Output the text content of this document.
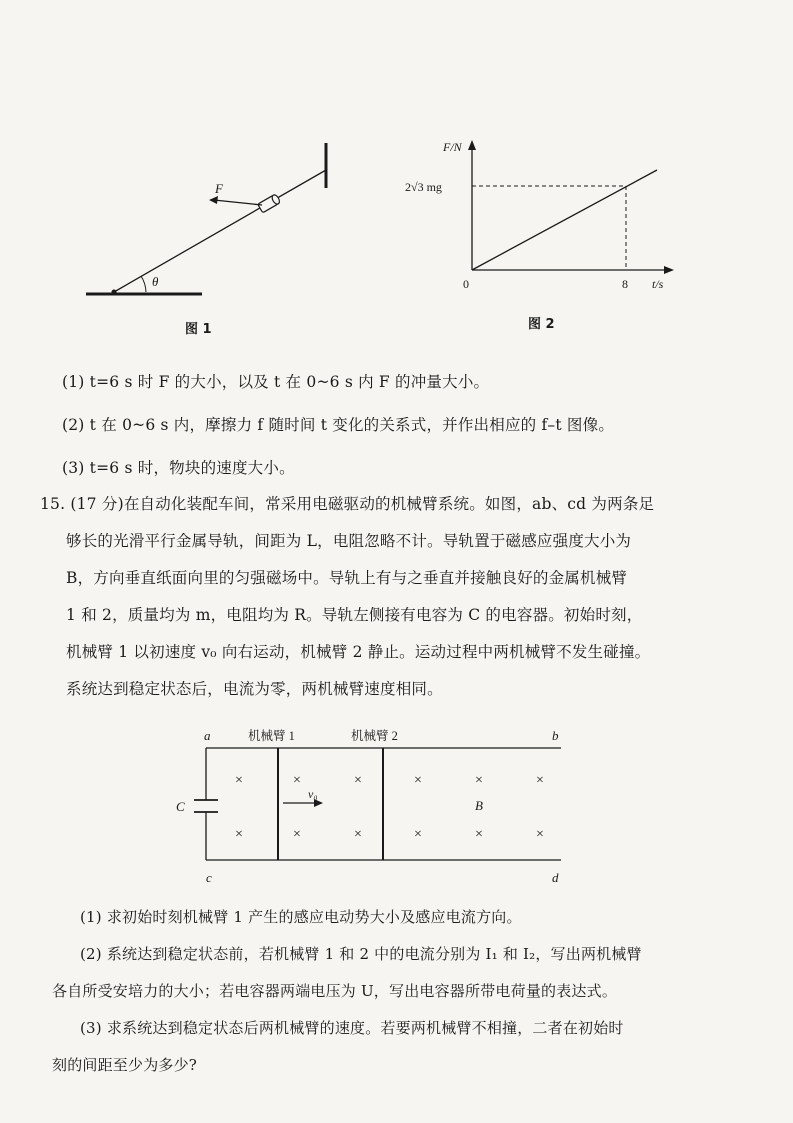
θ
F
F/N
t/s
0	8
2√3 mg
图 1	图 2
(1) t=6 s 时 F 的大小，以及 t 在 0~6 s 内 F 的冲量大小。
(2) t 在 0~6 s 内，摩擦力 f 随时间 t 变化的关系式，并作出相应的 f–t 图像。
(3) t=6 s 时，物块的速度大小。
15. (17 分)在自动化装配车间，常采用电磁驱动的机械臂系统。如图，ab、cd 为两条足
够长的光滑平行金属导轨，间距为 L，电阻忽略不计。导轨置于磁感应强度大小为
B，方向垂直纸面向里的匀强磁场中。导轨上有与之垂直并接触良好的金属机械臂
1 和 2，质量均为 m，电阻均为 R。导轨左侧接有电容为 C 的电容器。初始时刻，
机械臂 1 以初速度 v₀ 向右运动，机械臂 2 静止。运动过程中两机械臂不发生碰撞。
系统达到稳定状态后，电流为零，两机械臂速度相同。
C
a	b
c	d
机械臂 1	机械臂 2
v₀
B
×
×
×
×
×
×
×
×
×
×
×
×
(1) 求初始时刻机械臂 1 产生的感应电动势大小及感应电流方向。
(2) 系统达到稳定状态前，若机械臂 1 和 2 中的电流分别为 I₁ 和 I₂，写出两机械臂
各自所受安培力的大小；若电容器两端电压为 U，写出电容器所带电荷量的表达式。
(3) 求系统达到稳定状态后两机械臂的速度。若要两机械臂不相撞，二者在初始时
刻的间距至少为多少?
